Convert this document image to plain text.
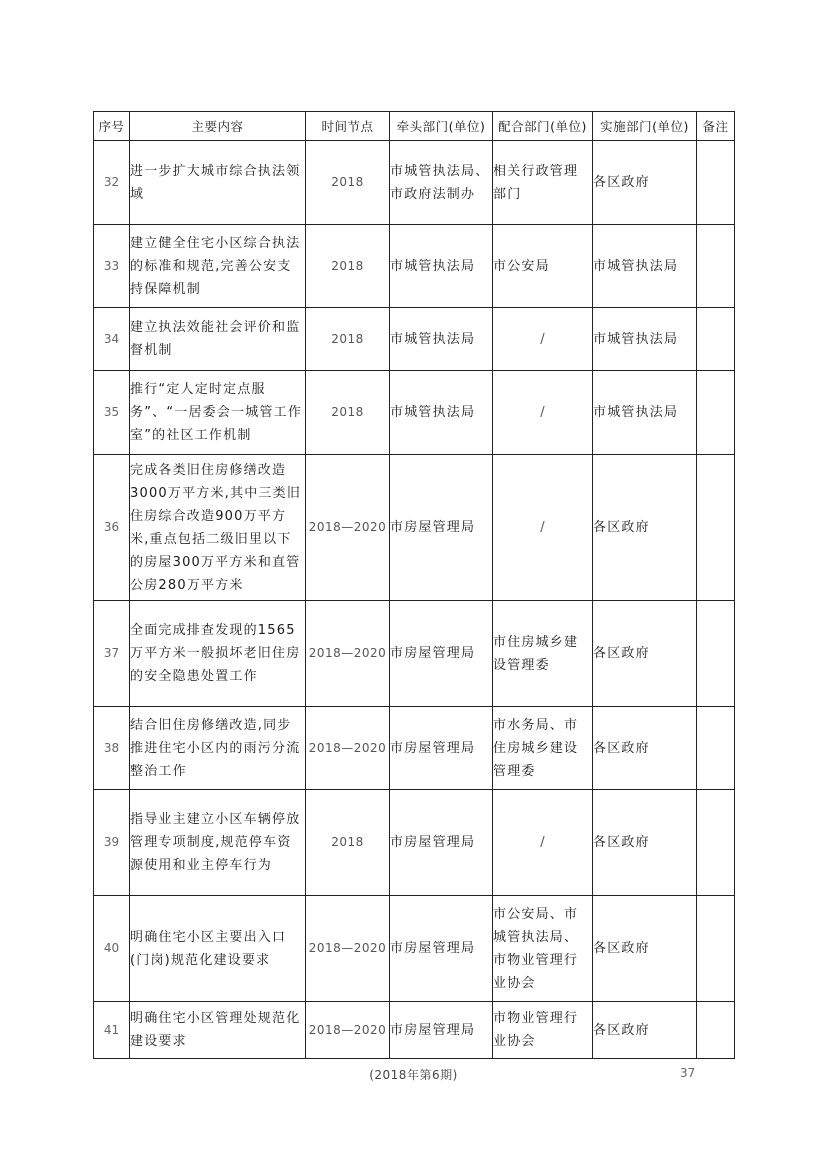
序号	主要内容	时间节点	牵头部门(单位)	配合部门(单位)	实施部门(单位)	备注
32	进一步扩大城市综合执法领域	2018	市城管执法局、市政府法制办	相关行政管理部门	各区政府	
33	建立健全住宅小区综合执法的标准和规范,完善公安支持保障机制	2018	市城管执法局	市公安局	市城管执法局	
34	建立执法效能社会评价和监督机制	2018	市城管执法局	/	市城管执法局	
35	推行“定人定时定点服务”、“一居委会一城管工作室”的社区工作机制	2018	市城管执法局	/	市城管执法局	
36	完成各类旧住房修缮改造3000万平方米,其中三类旧住房综合改造900万平方米,重点包括二级旧里以下的房屋300万平方米和直管公房280万平方米	2018—2020	市房屋管理局	/	各区政府	
37	全面完成排查发现的1565万平方米一般损坏老旧住房的安全隐患处置工作	2018—2020	市房屋管理局	市住房城乡建设管理委	各区政府	
38	结合旧住房修缮改造,同步推进住宅小区内的雨污分流整治工作	2018—2020	市房屋管理局	市水务局、市住房城乡建设管理委	各区政府	
39	指导业主建立小区车辆停放管理专项制度,规范停车资源使用和业主停车行为	2018	市房屋管理局	/	各区政府	
40	明确住宅小区主要出入口(门岗)规范化建设要求	2018—2020	市房屋管理局	市公安局、市城管执法局、市物业管理行业协会	各区政府	
41	明确住宅小区管理处规范化建设要求	2018—2020	市房屋管理局	市物业管理行业协会	各区政府	
(2018年第6期)	37
